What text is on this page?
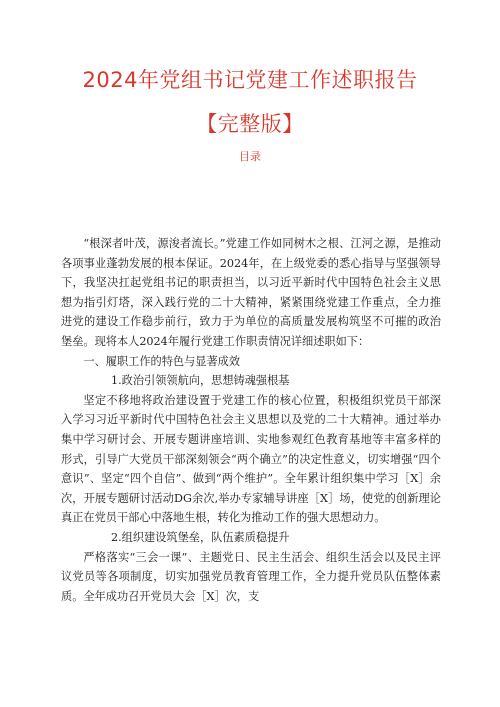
2024年党组书记党建工作述职报告
【完整版】
目录

“根深者叶茂，源浚者流长。”党建工作如同树木之根、江河之源，是推动各项事业蓬勃发展的根本保证。2024年，在上级党委的悉心指导与坚强领导下，我坚决扛起党组书记的职责担当，以习近平新时代中国特色社会主义思想为指引灯塔，深入践行党的二十大精神，紧紧围绕党建工作重点，全力推进党的建设工作稳步前行，致力于为单位的高质量发展构筑坚不可摧的政治堡垒。现将本人2024年履行党建工作职责情况详细述职如下：

一、履职工作的特色与显著成效

1.政治引领领航向，思想铸魂强根基

坚定不移地将政治建设置于党建工作的核心位置，积极组织党员干部深入学习习近平新时代中国特色社会主义思想以及党的二十大精神。通过举办集中学习研讨会、开展专题讲座培训、实地参观红色教育基地等丰富多样的形式，引导广大党员干部深刻领会“两个确立”的决定性意义，切实增强“四个意识”、坚定“四个自信”、做到“两个维护”。全年累计组织集中学习［X］余次，开展专题研讨活动DG余次,举办专家辅导讲座［X］场，使党的创新理论真正在党员干部心中落地生根，转化为推动工作的强大思想动力。

2.组织建设筑堡垒，队伍素质稳提升

严格落实“三会一课”、主题党日、民主生活会、组织生活会以及民主评议党员等各项制度，切实加强党员教育管理工作，全力提升党员队伍整体素质。全年成功召开党员大会［X］次，支
